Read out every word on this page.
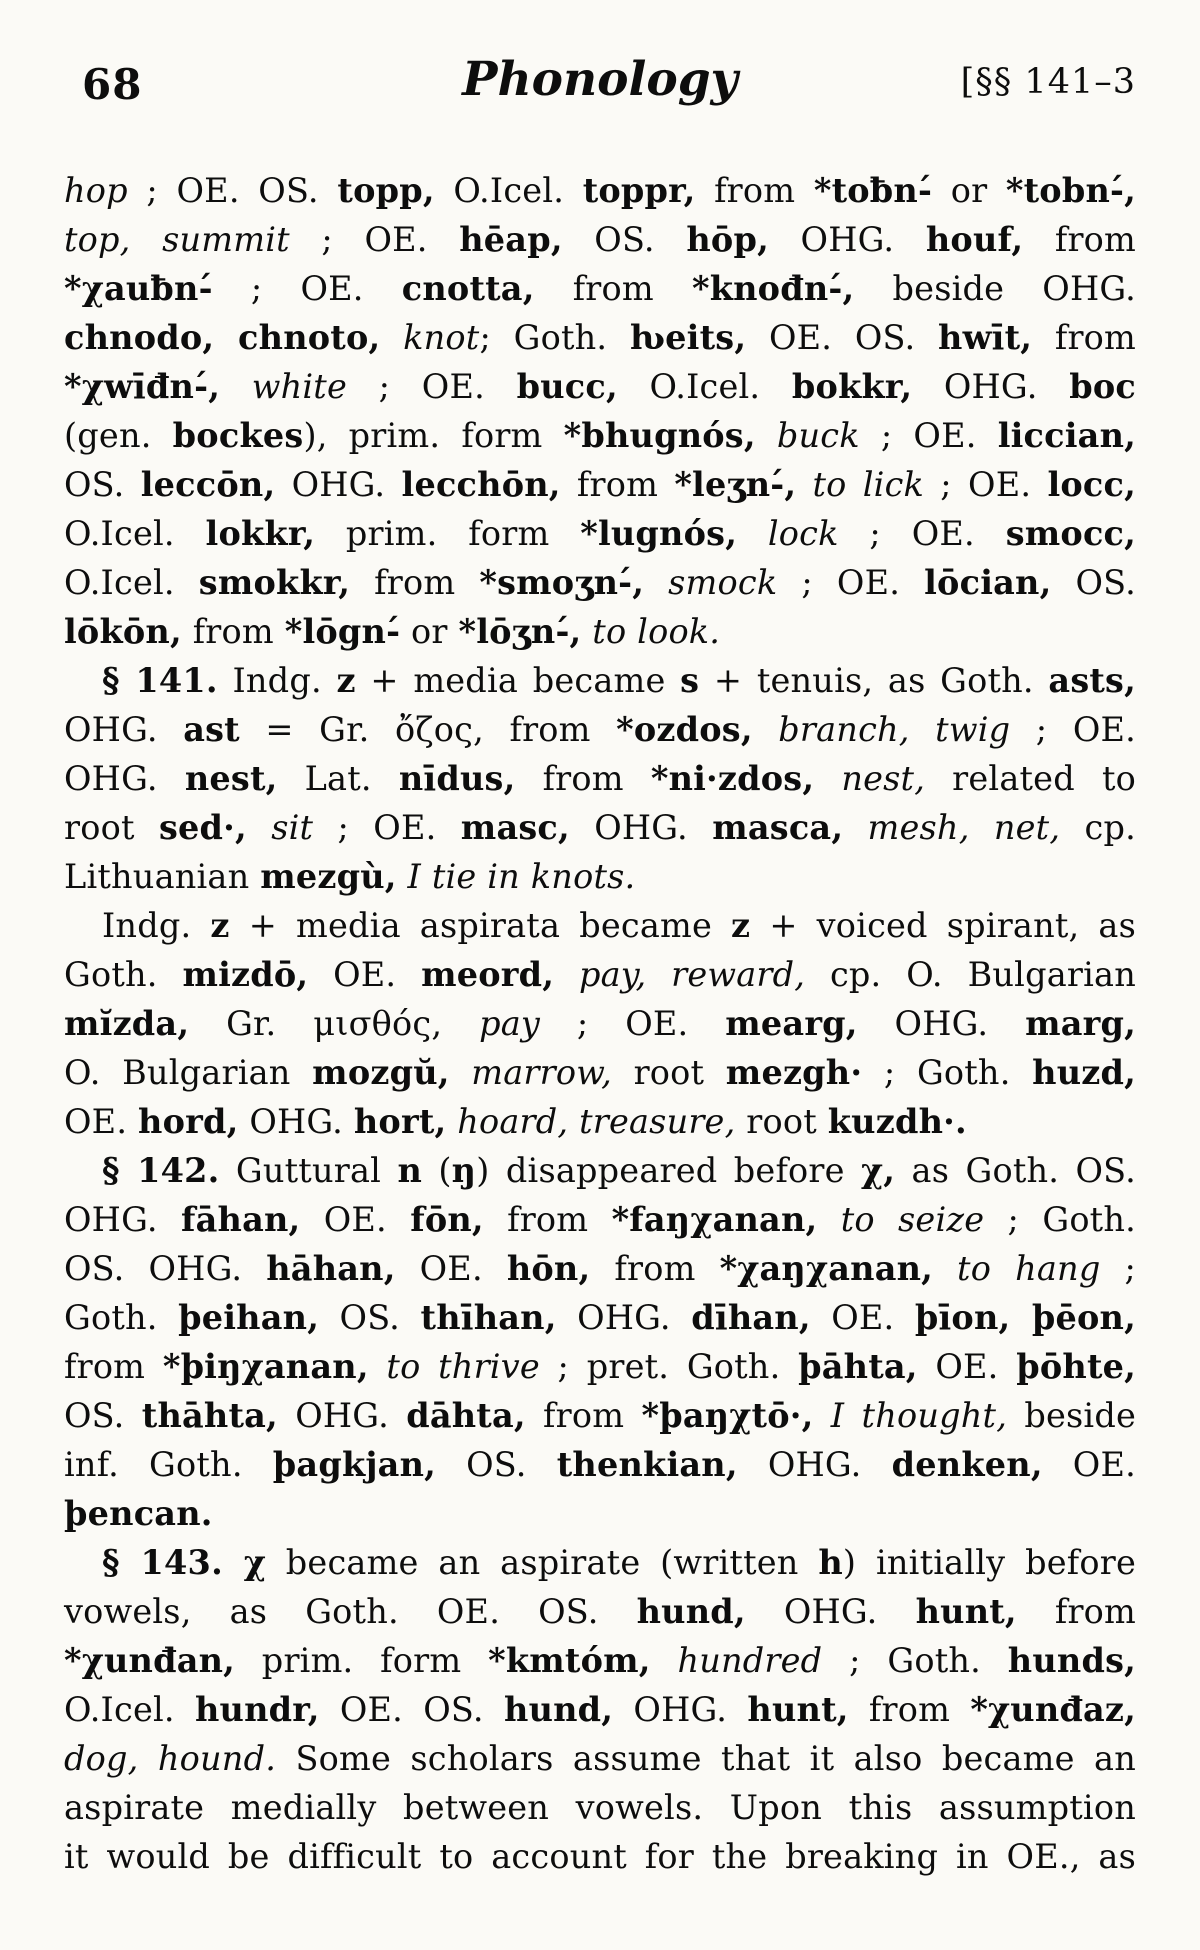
68	Phonology	[§§ 141–3
hop ; OE. OS. topp, O.Icel. toppr, from *toƀn-́ or *tobn-́,
top, summit ; OE. hēap, OS. hōp, OHG. houf, from
*χauƀn-́ ; OE. cnotta, from *knođn-́, beside OHG.
chnodo, chnoto, knot; Goth. ƕeits, OE. OS. hwīt, from
*χwīđn-́, white ; OE. bucc, O.Icel. bokkr, OHG. boc
(gen. bockes), prim. form *bhugnós, buck ; OE. liccian,
OS. leccōn, OHG. lecchōn, from *leʒn-́, to lick ; OE. locc,
O.Icel. lokkr, prim. form *lugnós, lock ; OE. smocc,
O.Icel. smokkr, from *smoʒn-́, smock ; OE. lōcian, OS.
lōkōn, from *lōgn-́ or *lōʒn-́, to look.
§ 141. Indg. z + media became s + tenuis, as Goth. asts,
OHG. ast = Gr. ὄζος, from *ozdos, branch, twig ; OE.
OHG. nest, Lat. nīdus, from *ni·zdos, nest, related to
root sed·, sit ; OE. masc, OHG. masca, mesh, net, cp.
Lithuanian mezgù, I tie in knots.
Indg. z + media aspirata became z + voiced spirant, as
Goth. mizdō, OE. meord, pay, reward, cp. O. Bulgarian
mĭzda, Gr. μισθός, pay ; OE. mearg, OHG. marg,
O. Bulgarian mozgŭ, marrow, root mezgh· ; Goth. huzd,
OE. hord, OHG. hort, hoard, treasure, root kuzdh·.
§ 142. Guttural n (ŋ) disappeared before χ, as Goth. OS.
OHG. fāhan, OE. fōn, from *faŋχanan, to seize ; Goth.
OS. OHG. hāhan, OE. hōn, from *χaŋχanan, to hang ;
Goth. þeihan, OS. thīhan, OHG. dīhan, OE. þīon, þēon,
from *þiŋχanan, to thrive ; pret. Goth. þāhta, OE. þōhte,
OS. thāhta, OHG. dāhta, from *þaŋχtō·, I thought, beside
inf. Goth. þagkjan, OS. thenkian, OHG. denken, OE.
þencan.
§ 143. χ became an aspirate (written h) initially before
vowels, as Goth. OE. OS. hund, OHG. hunt, from
*χunđan, prim. form *kmtóm, hundred ; Goth. hunds,
O.Icel. hundr, OE. OS. hund, OHG. hunt, from *χunđaz,
dog, hound. Some scholars assume that it also became an
aspirate medially between vowels. Upon this assumption
it would be difficult to account for the breaking in OE., as
